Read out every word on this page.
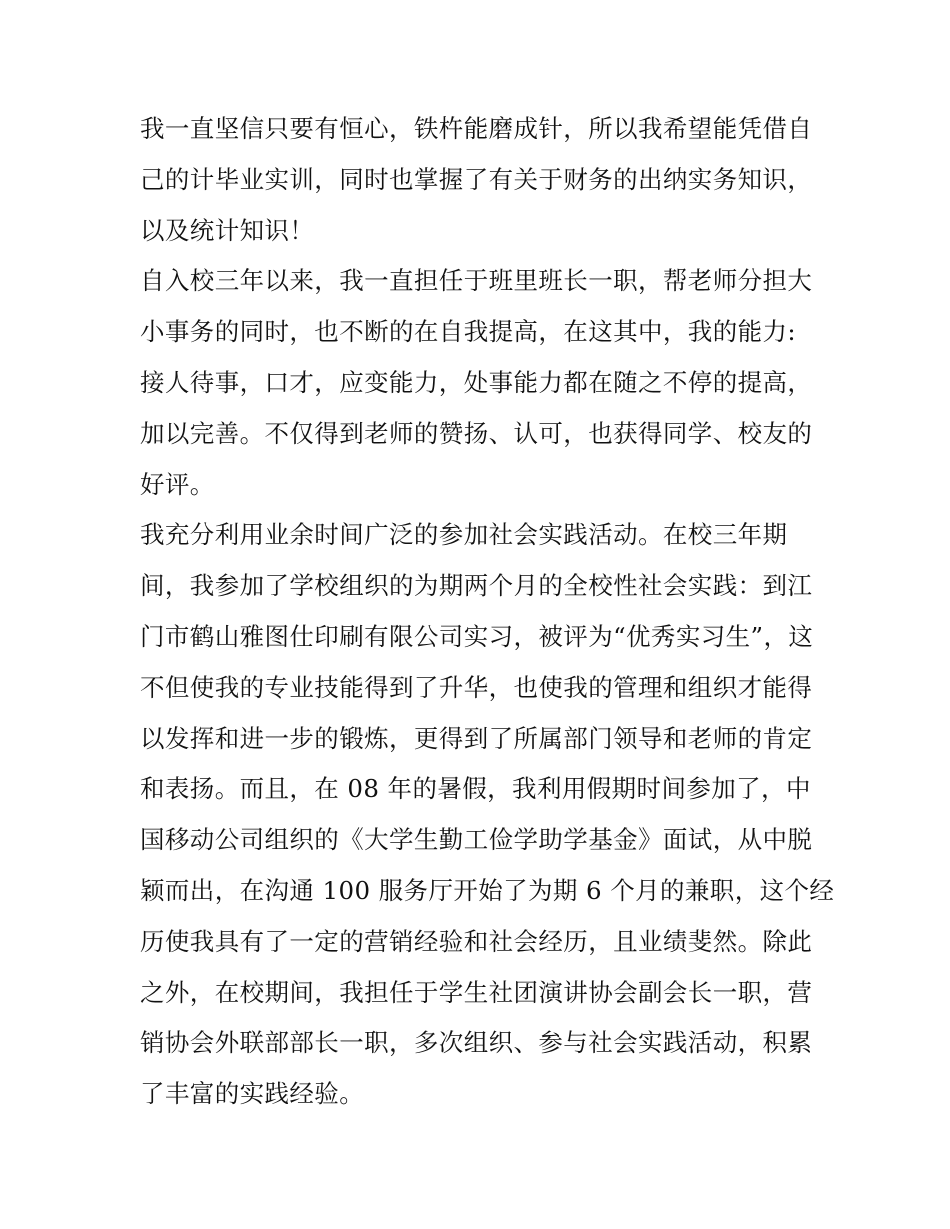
我一直坚信只要有恒心，铁杵能磨成针，所以我希望能凭借自
己的计毕业实训，同时也掌握了有关于财务的出纳实务知识，
以及统计知识！
自入校三年以来，我一直担任于班里班长一职，帮老师分担大
小事务的同时，也不断的在自我提高，在这其中，我的能力:
接人待事，口才，应变能力，处事能力都在随之不停的提高，
加以完善。不仅得到老师的赞扬、认可，也获得同学、校友的
好评。
我充分利用业余时间广泛的参加社会实践活动。在校三年期
间，我参加了学校组织的为期两个月的全校性社会实践：到江
门市鹤山雅图仕印刷有限公司实习，被评为“优秀实习生”，这
不但使我的专业技能得到了升华，也使我的管理和组织才能得
以发挥和进一步的锻炼，更得到了所属部门领导和老师的肯定
和表扬。而且，在 08 年的暑假，我利用假期时间参加了，中
国移动公司组织的《大学生勤工俭学助学基金》面试，从中脱
颖而出，在沟通 100 服务厅开始了为期 6 个月的兼职，这个经
历使我具有了一定的营销经验和社会经历，且业绩斐然。除此
之外，在校期间，我担任于学生社团演讲协会副会长一职，营
销协会外联部部长一职，多次组织、参与社会实践活动，积累
了丰富的实践经验。
